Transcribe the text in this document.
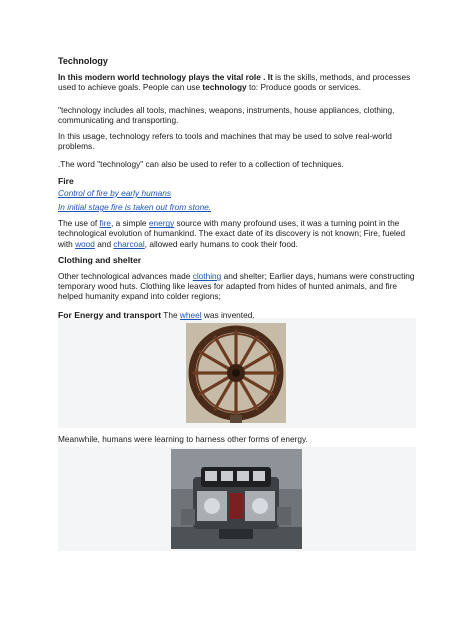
Technology

In this modern world technology plays the vital role . It is the skills, methods, and processes used to achieve goals. People can use technology to: Produce goods or services.

"technology includes all tools, machines, weapons, instruments, house appliances, clothing, communicating and transporting.

In this usage, technology refers to tools and machines that may be used to solve real-world problems.

.The word "technology" can also be used to refer to a collection of techniques.

Fire

Control of fire by early humans

In initial stage fire is taken out from stone.

The use of fire, a simple energy source with many profound uses, it was a turning point in the technological evolution of humankind. The exact date of its discovery is not known; Fire, fueled with wood and charcoal, allowed early humans to cook their food.

Clothing and shelter

Other technological advances made clothing and shelter; Earlier days, humans were constructing temporary wood huts. Clothing like leaves for adapted from hides of hunted animals, and fire helped humanity expand into colder regions;

For Energy and transport The wheel was invented.

Meanwhile, humans were learning to harness other forms of energy.
